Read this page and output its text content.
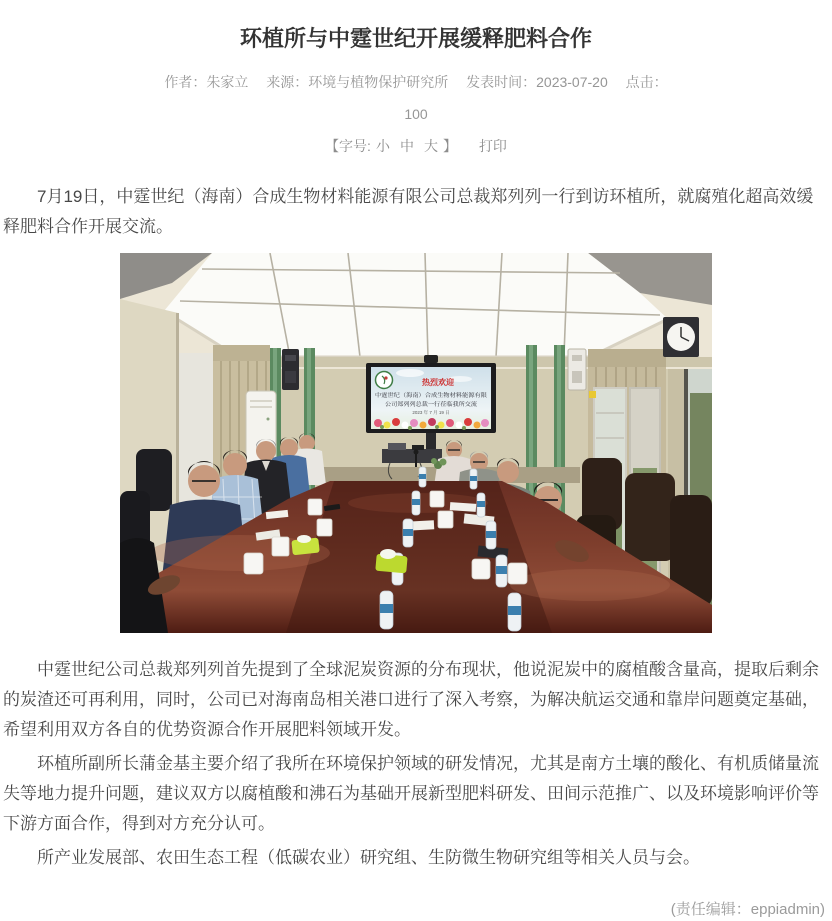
环植所与中霆世纪开展缓释肥料合作
作者：朱家立 来源：环境与植物保护研究所 发表时间：2023-07-20 点击：
100
【字号: 小 中 大 】 打印

7月19日，中霆世纪（海南）合成生物材料能源有限公司总裁郑列列一行到访环植所，就腐殖化超高效缓释肥料合作开展交流。

热烈欢迎
中霆世纪（海南）合成生物材料能源有限
公司郑列列总裁一行莅临我所交流
2023 年 7 月 19 日

中霆世纪公司总裁郑列列首先提到了全球泥炭资源的分布现状，他说泥炭中的腐植酸含量高，提取后剩余的炭渣还可再利用，同时，公司已对海南岛相关港口进行了深入考察，为解决航运交通和靠岸问题奠定基础，希望利用双方各自的优势资源合作开展肥料领域开发。

环植所副所长蒲金基主要介绍了我所在环境保护领域的研发情况，尤其是南方土壤的酸化、有机质储量流失等地力提升问题，建议双方以腐植酸和沸石为基础开展新型肥料研发、田间示范推广、以及环境影响评价等下游方面合作，得到对方充分认可。

所产业发展部、农田生态工程（低碳农业）研究组、生防微生物研究组等相关人员与会。

(责任编辑：eppiadmin)
